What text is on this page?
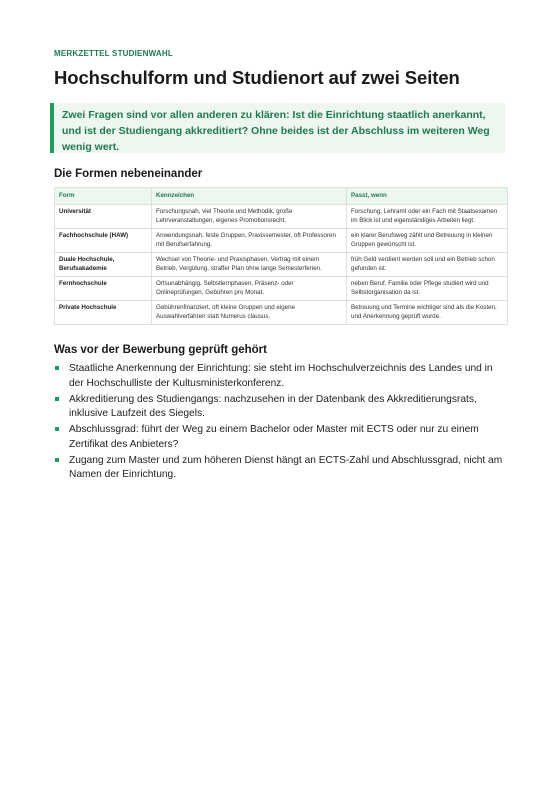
MERKZETTEL STUDIENWAHL
Hochschulform und Studienort auf zwei Seiten
Zwei Fragen sind vor allen anderen zu klären: Ist die Einrichtung staatlich anerkannt, und ist der Studiengang akkreditiert? Ohne beides ist der Abschluss im weiteren Weg wenig wert.
Die Formen nebeneinander
Form	Kennzeichen	Passt, wenn
Universität	Forschungsnah, viel Theorie und Methodik, große Lehrveranstaltungen, eigenes Promotionsrecht.	Forschung, Lehramt oder ein Fach mit Staatsexamen im Blick ist und eigenständiges Arbeiten liegt.
Fachhochschule (HAW)	Anwendungsnah, feste Gruppen, Praxissemester, oft Professoren mit Berufserfahrung.	ein klarer Berufsweg zählt und Betreuung in kleinen Gruppen gewünscht ist.
Duale Hochschule, Berufsakademie	Wechsel von Theorie- und Praxisphasen, Vertrag mit einem Betrieb, Vergütung, straffer Plan ohne lange Semesterferien.	früh Geld verdient werden soll und ein Betrieb schon gefunden ist.
Fernhochschule	Ortsunabhängig, Selbstlernphasen, Präsenz- oder Onlineprüfungen, Gebühren pro Monat.	neben Beruf, Familie oder Pflege studiert wird und Selbstorganisation da ist.
Private Hochschule	Gebührenfinanziert, oft kleine Gruppen und eigene Auswahlverfahren statt Numerus clausus.	Betreuung und Termine wichtiger sind als die Kosten, und Anerkennung geprüft wurde.
Was vor der Bewerbung geprüft gehört
Staatliche Anerkennung der Einrichtung: sie steht im Hochschulverzeichnis des Landes und in der Hochschulliste der Kultusministerkonferenz.
Akkreditierung des Studiengangs: nachzusehen in der Datenbank des Akkreditierungsrats, inklusive Laufzeit des Siegels.
Abschlussgrad: führt der Weg zu einem Bachelor oder Master mit ECTS oder nur zu einem Zertifikat des Anbieters?
Zugang zum Master und zum höheren Dienst hängt an ECTS-Zahl und Abschlussgrad, nicht am Namen der Einrichtung.
